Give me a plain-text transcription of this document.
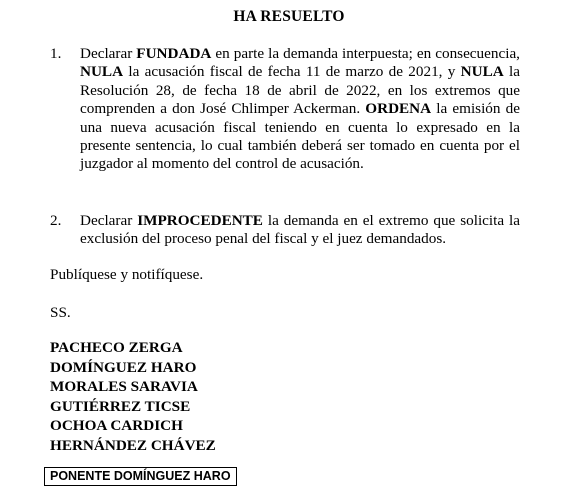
HA RESUELTO
1.	Declarar FUNDADA en parte la demanda interpuesta; en consecuencia, NULA la acusación fiscal de fecha 11 de marzo de 2021, y NULA la Resolución 28, de fecha 18 de abril de 2022, en los extremos que comprenden a don José Chlimper Ackerman. ORDENA la emisión de una nueva acusación fiscal teniendo en cuenta lo expresado en la presente sentencia, lo cual también deberá ser tomado en cuenta por el juzgador al momento del control de acusación.
2.	Declarar IMPROCEDENTE la demanda en el extremo que solicita la exclusión del proceso penal del fiscal y el juez demandados.
Publíquese y notifíquese.
SS.
PACHECO ZERGA
DOMÍNGUEZ HARO
MORALES SARAVIA
GUTIÉRREZ TICSE
OCHOA CARDICH
HERNÁNDEZ CHÁVEZ
PONENTE DOMÍNGUEZ HARO
